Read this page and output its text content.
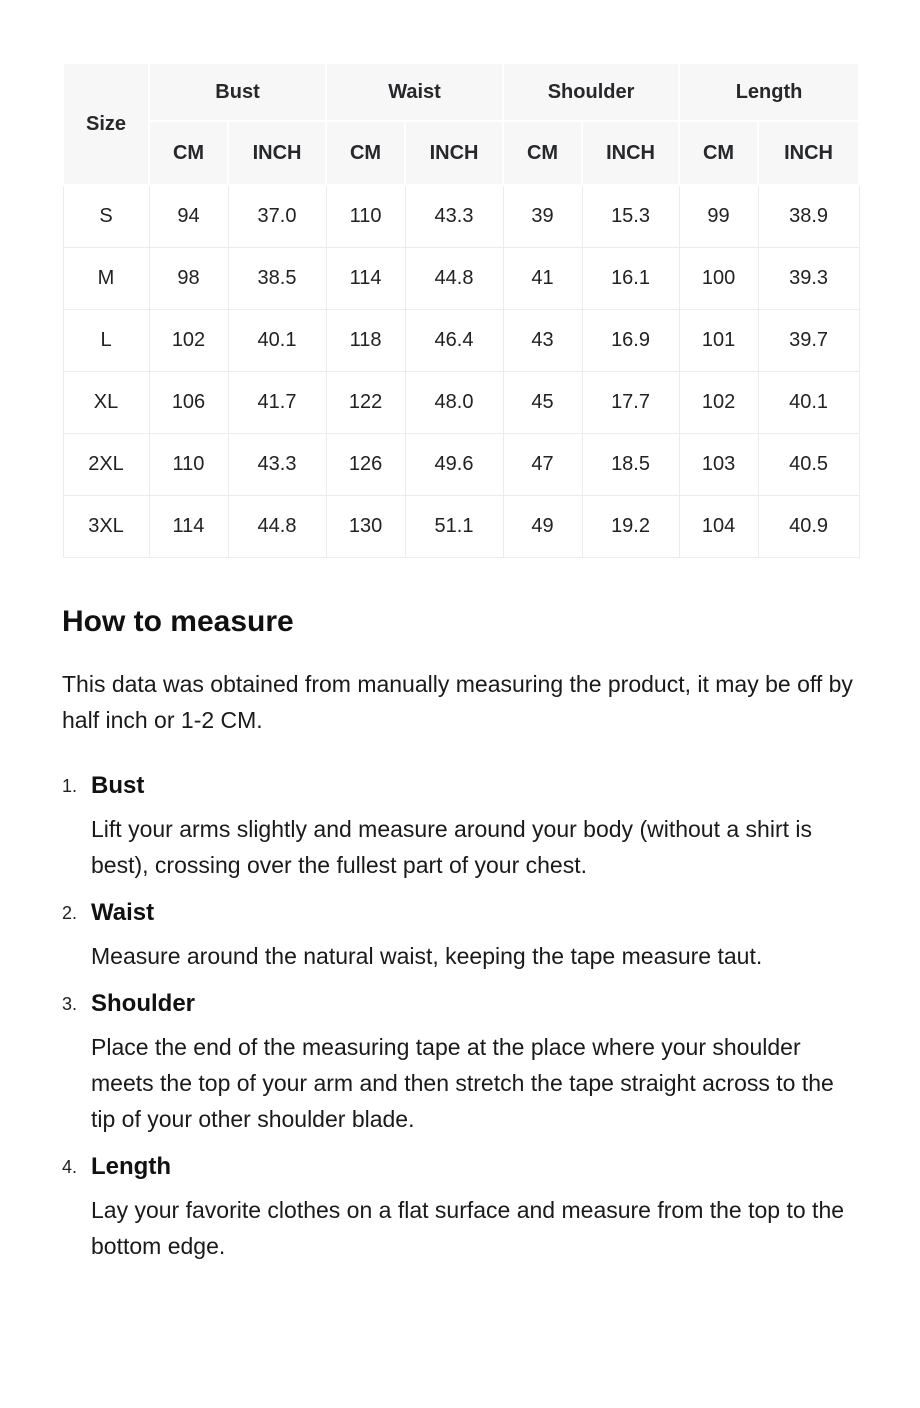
Size	Bust		Waist		Shoulder		Length	
	CM	INCH	CM	INCH	CM	INCH	CM	INCH
S	94	37.0	110	43.3	39	15.3	99	38.9
M	98	38.5	114	44.8	41	16.1	100	39.3
L	102	40.1	118	46.4	43	16.9	101	39.7
XL	106	41.7	122	48.0	45	17.7	102	40.1
2XL	110	43.3	126	49.6	47	18.5	103	40.5
3XL	114	44.8	130	51.1	49	19.2	104	40.9
How to measure

This data was obtained from manually measuring the product, it may be off by half inch or 1-2 CM.

1. Bust

Lift your arms slightly and measure around your body (without a shirt is best), crossing over the fullest part of your chest.

2. Waist

Measure around the natural waist, keeping the tape measure taut.

3. Shoulder

Place the end of the measuring tape at the place where your shoulder meets the top of your arm and then stretch the tape straight across to the tip of your other shoulder blade.

4. Length

Lay your favorite clothes on a flat surface and measure from the top to the bottom edge.
